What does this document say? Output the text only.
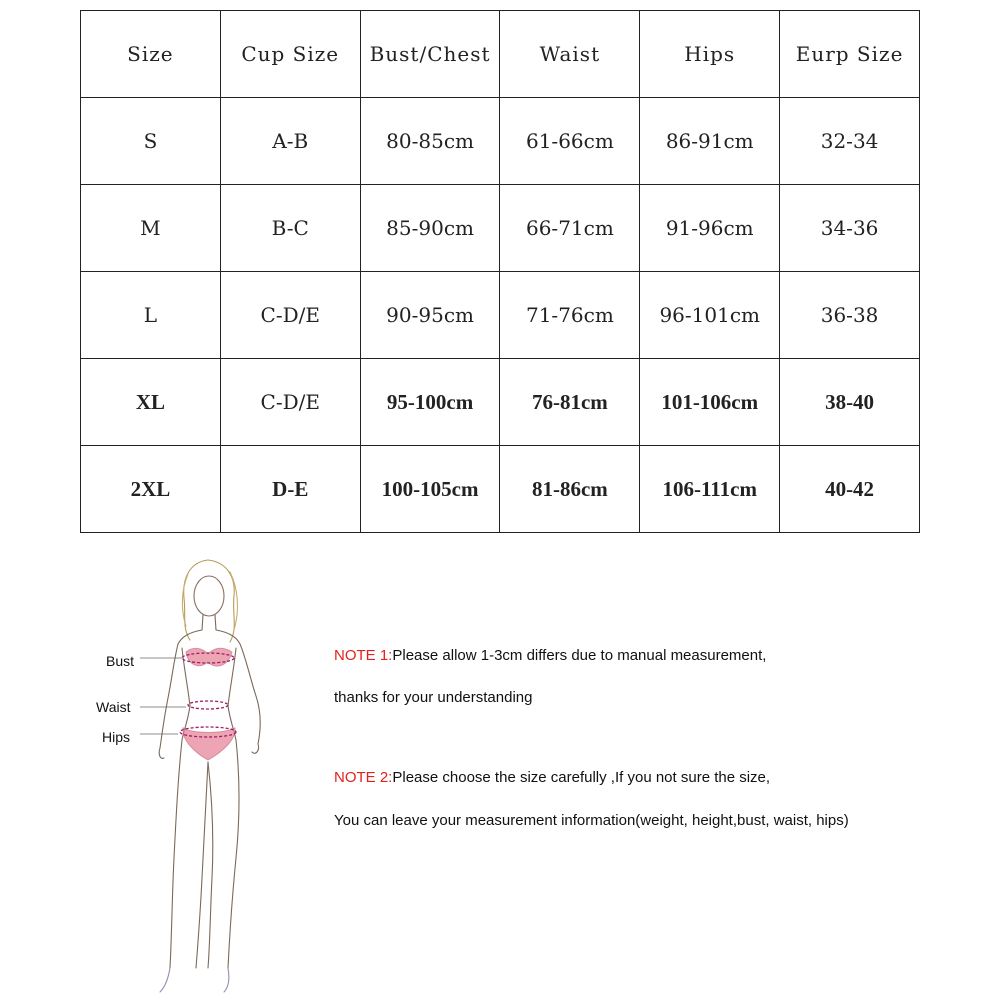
Size	Cup Size	Bust/Chest	Waist	Hips	Eurp Size
S	A-B	80-85cm	61-66cm	86-91cm	32-34
M	B-C	85-90cm	66-71cm	91-96cm	34-36
L	C-D/E	90-95cm	71-76cm	96-101cm	36-38
XL	C-D/E	95-100cm	76-81cm	101-106cm	38-40
2XL	D-E	100-105cm	81-86cm	106-111cm	40-42
Bust
Waist
Hips
NOTE 1:Please allow 1-3cm differs due to manual measurement,
thanks for your understanding
NOTE 2:Please choose the size carefully ,If you not sure the size,
You can leave your measurement information(weight, height,bust, waist, hips)
